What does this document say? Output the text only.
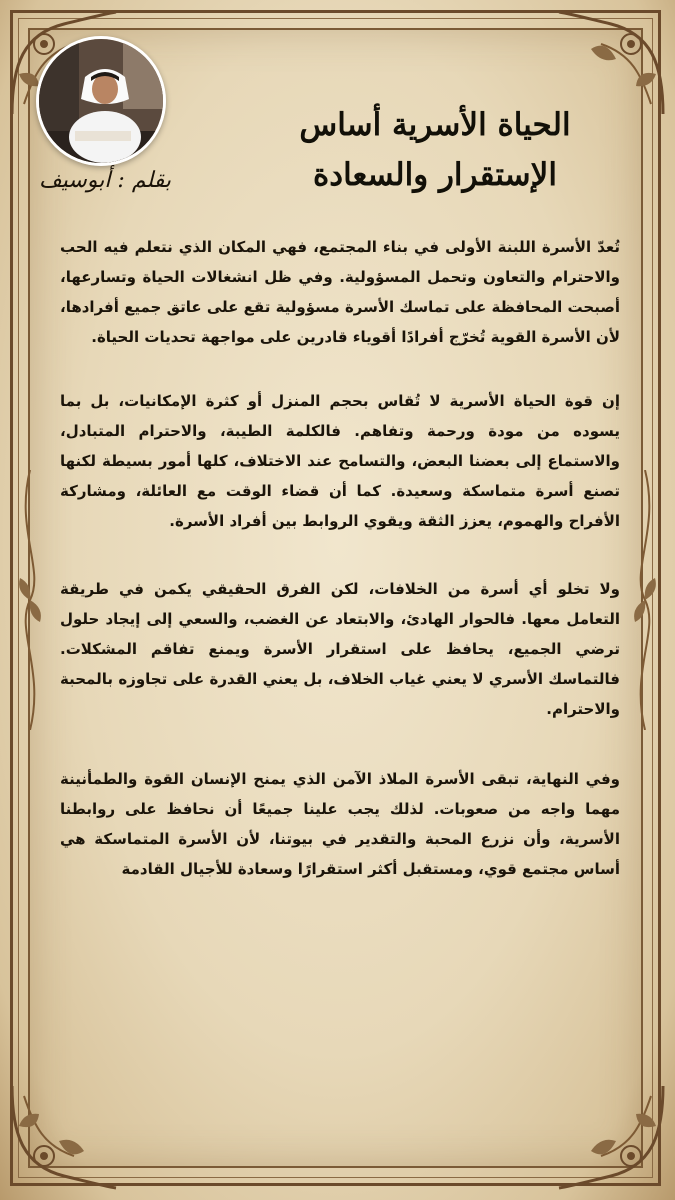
بقلم : أبوسيف
الحياة الأسرية أساس
الإستقرار والسعادة

تُعدّ الأسرة اللبنة الأولى في بناء المجتمع، فهي المكان الذي نتعلم فيه الحب والاحترام والتعاون وتحمل المسؤولية. وفي ظل انشغالات الحياة وتسارعها، أصبحت المحافظة على تماسك الأسرة مسؤولية تقع على عاتق جميع أفرادها، لأن الأسرة القوية تُخرّج أفرادًا أقوياء قادرين على مواجهة تحديات الحياة.

إن قوة الحياة الأسرية لا تُقاس بحجم المنزل أو كثرة الإمكانيات، بل بما يسوده من مودة ورحمة وتفاهم. فالكلمة الطيبة، والاحترام المتبادل، والاستماع إلى بعضنا البعض، والتسامح عند الاختلاف، كلها أمور بسيطة لكنها تصنع أسرة متماسكة وسعيدة. كما أن قضاء الوقت مع العائلة، ومشاركة الأفراح والهموم، يعزز الثقة ويقوي الروابط بين أفراد الأسرة.

ولا تخلو أي أسرة من الخلافات، لكن الفرق الحقيقي يكمن في طريقة التعامل معها. فالحوار الهادئ، والابتعاد عن الغضب، والسعي إلى إيجاد حلول ترضي الجميع، يحافظ على استقرار الأسرة ويمنع تفاقم المشكلات. فالتماسك الأسري لا يعني غياب الخلاف، بل يعني القدرة على تجاوزه بالمحبة والاحترام.

وفي النهاية، تبقى الأسرة الملاذ الآمن الذي يمنح الإنسان القوة والطمأنينة مهما واجه من صعوبات. لذلك يجب علينا جميعًا أن نحافظ على روابطنا الأسرية، وأن نزرع المحبة والتقدير في بيوتنا، لأن الأسرة المتماسكة هي أساس مجتمع قوي، ومستقبل أكثر استقرارًا وسعادة للأجيال القادمة
